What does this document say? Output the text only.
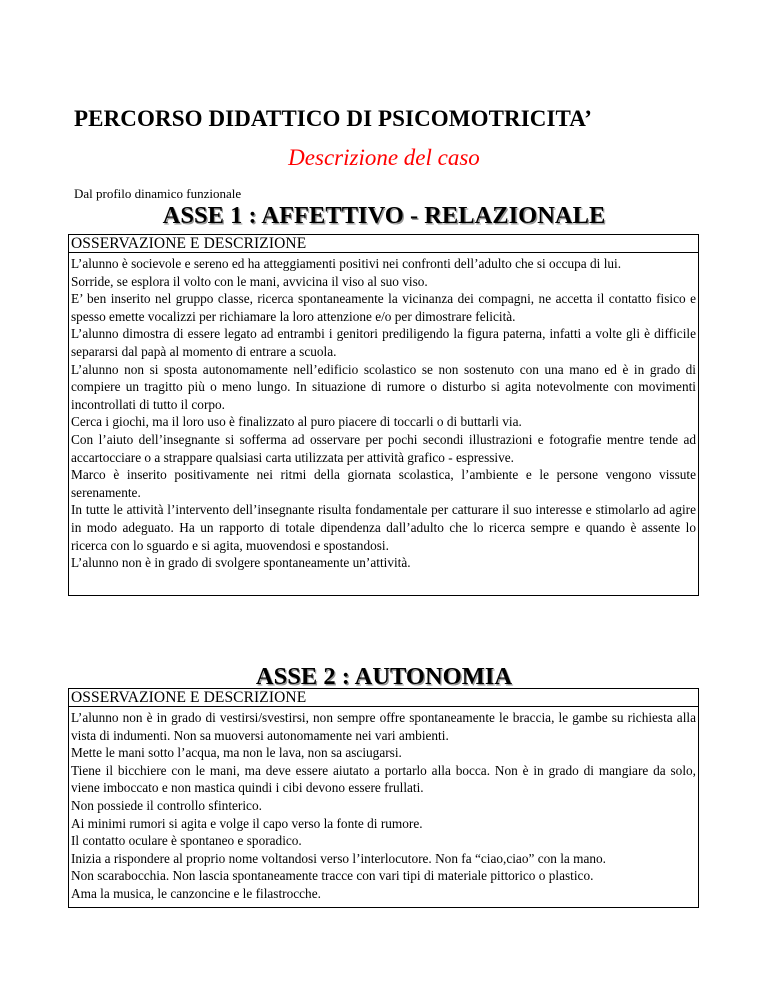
PERCORSO DIDATTICO DI PSICOMOTRICITA’
Descrizione del caso
Dal profilo dinamico funzionale
ASSE 1 : AFFETTIVO - RELAZIONALE
OSSERVAZIONE E DESCRIZIONE

L’alunno è socievole e sereno ed ha atteggiamenti positivi nei confronti dell’adulto che si occupa di lui.

Sorride, se esplora il volto con le mani, avvicina il viso al suo viso.

E’ ben inserito nel gruppo classe, ricerca spontaneamente la vicinanza dei compagni, ne accetta il contatto fisico e spesso emette vocalizzi per richiamare la loro attenzione e/o per dimostrare felicità.

L’alunno dimostra di essere legato ad entrambi i genitori prediligendo la figura paterna, infatti a volte gli è difficile separarsi dal papà al momento di entrare a scuola.

L’alunno non si sposta autonomamente nell’edificio scolastico se non sostenuto con una mano ed è in grado di compiere un tragitto più o meno lungo. In situazione di rumore o disturbo si agita notevolmente con movimenti incontrollati di tutto il corpo.

Cerca i giochi, ma il loro uso è finalizzato al puro piacere di toccarli o di buttarli via.

Con l’aiuto dell’insegnante si sofferma ad osservare per pochi secondi illustrazioni e fotografie mentre tende ad accartocciare o a strappare qualsiasi carta utilizzata per attività grafico - espressive.

Marco è inserito positivamente nei ritmi della giornata scolastica, l’ambiente e le persone vengono vissute serenamente.

In tutte le attività l’intervento dell’insegnante risulta fondamentale per catturare il suo interesse e stimolarlo ad agire in modo adeguato. Ha un rapporto di totale dipendenza dall’adulto che lo ricerca sempre e quando è assente lo ricerca con lo sguardo e si agita, muovendosi e spostandosi.

L’alunno non è in grado di svolgere spontaneamente un’attività.

ASSE 2 : AUTONOMIA
OSSERVAZIONE E DESCRIZIONE

L’alunno non è in grado di vestirsi/svestirsi, non sempre offre spontaneamente le braccia, le gambe su richiesta alla vista di indumenti. Non sa muoversi autonomamente nei vari ambienti.

Mette le mani sotto l’acqua, ma non le lava, non sa asciugarsi.

Tiene il bicchiere con le mani, ma deve essere aiutato a portarlo alla bocca. Non è in grado di mangiare da solo, viene imboccato e non mastica quindi i cibi devono essere frullati.

Non possiede il controllo sfinterico.

Ai minimi rumori si agita e volge il capo verso la fonte di rumore.

Il contatto oculare è spontaneo e sporadico.

Inizia a rispondere al proprio nome voltandosi verso l’interlocutore. Non fa “ciao,ciao” con la mano.

Non scarabocchia. Non lascia spontaneamente tracce con vari tipi di materiale pittorico o plastico.

Ama la musica, le canzoncine e le filastrocche.
